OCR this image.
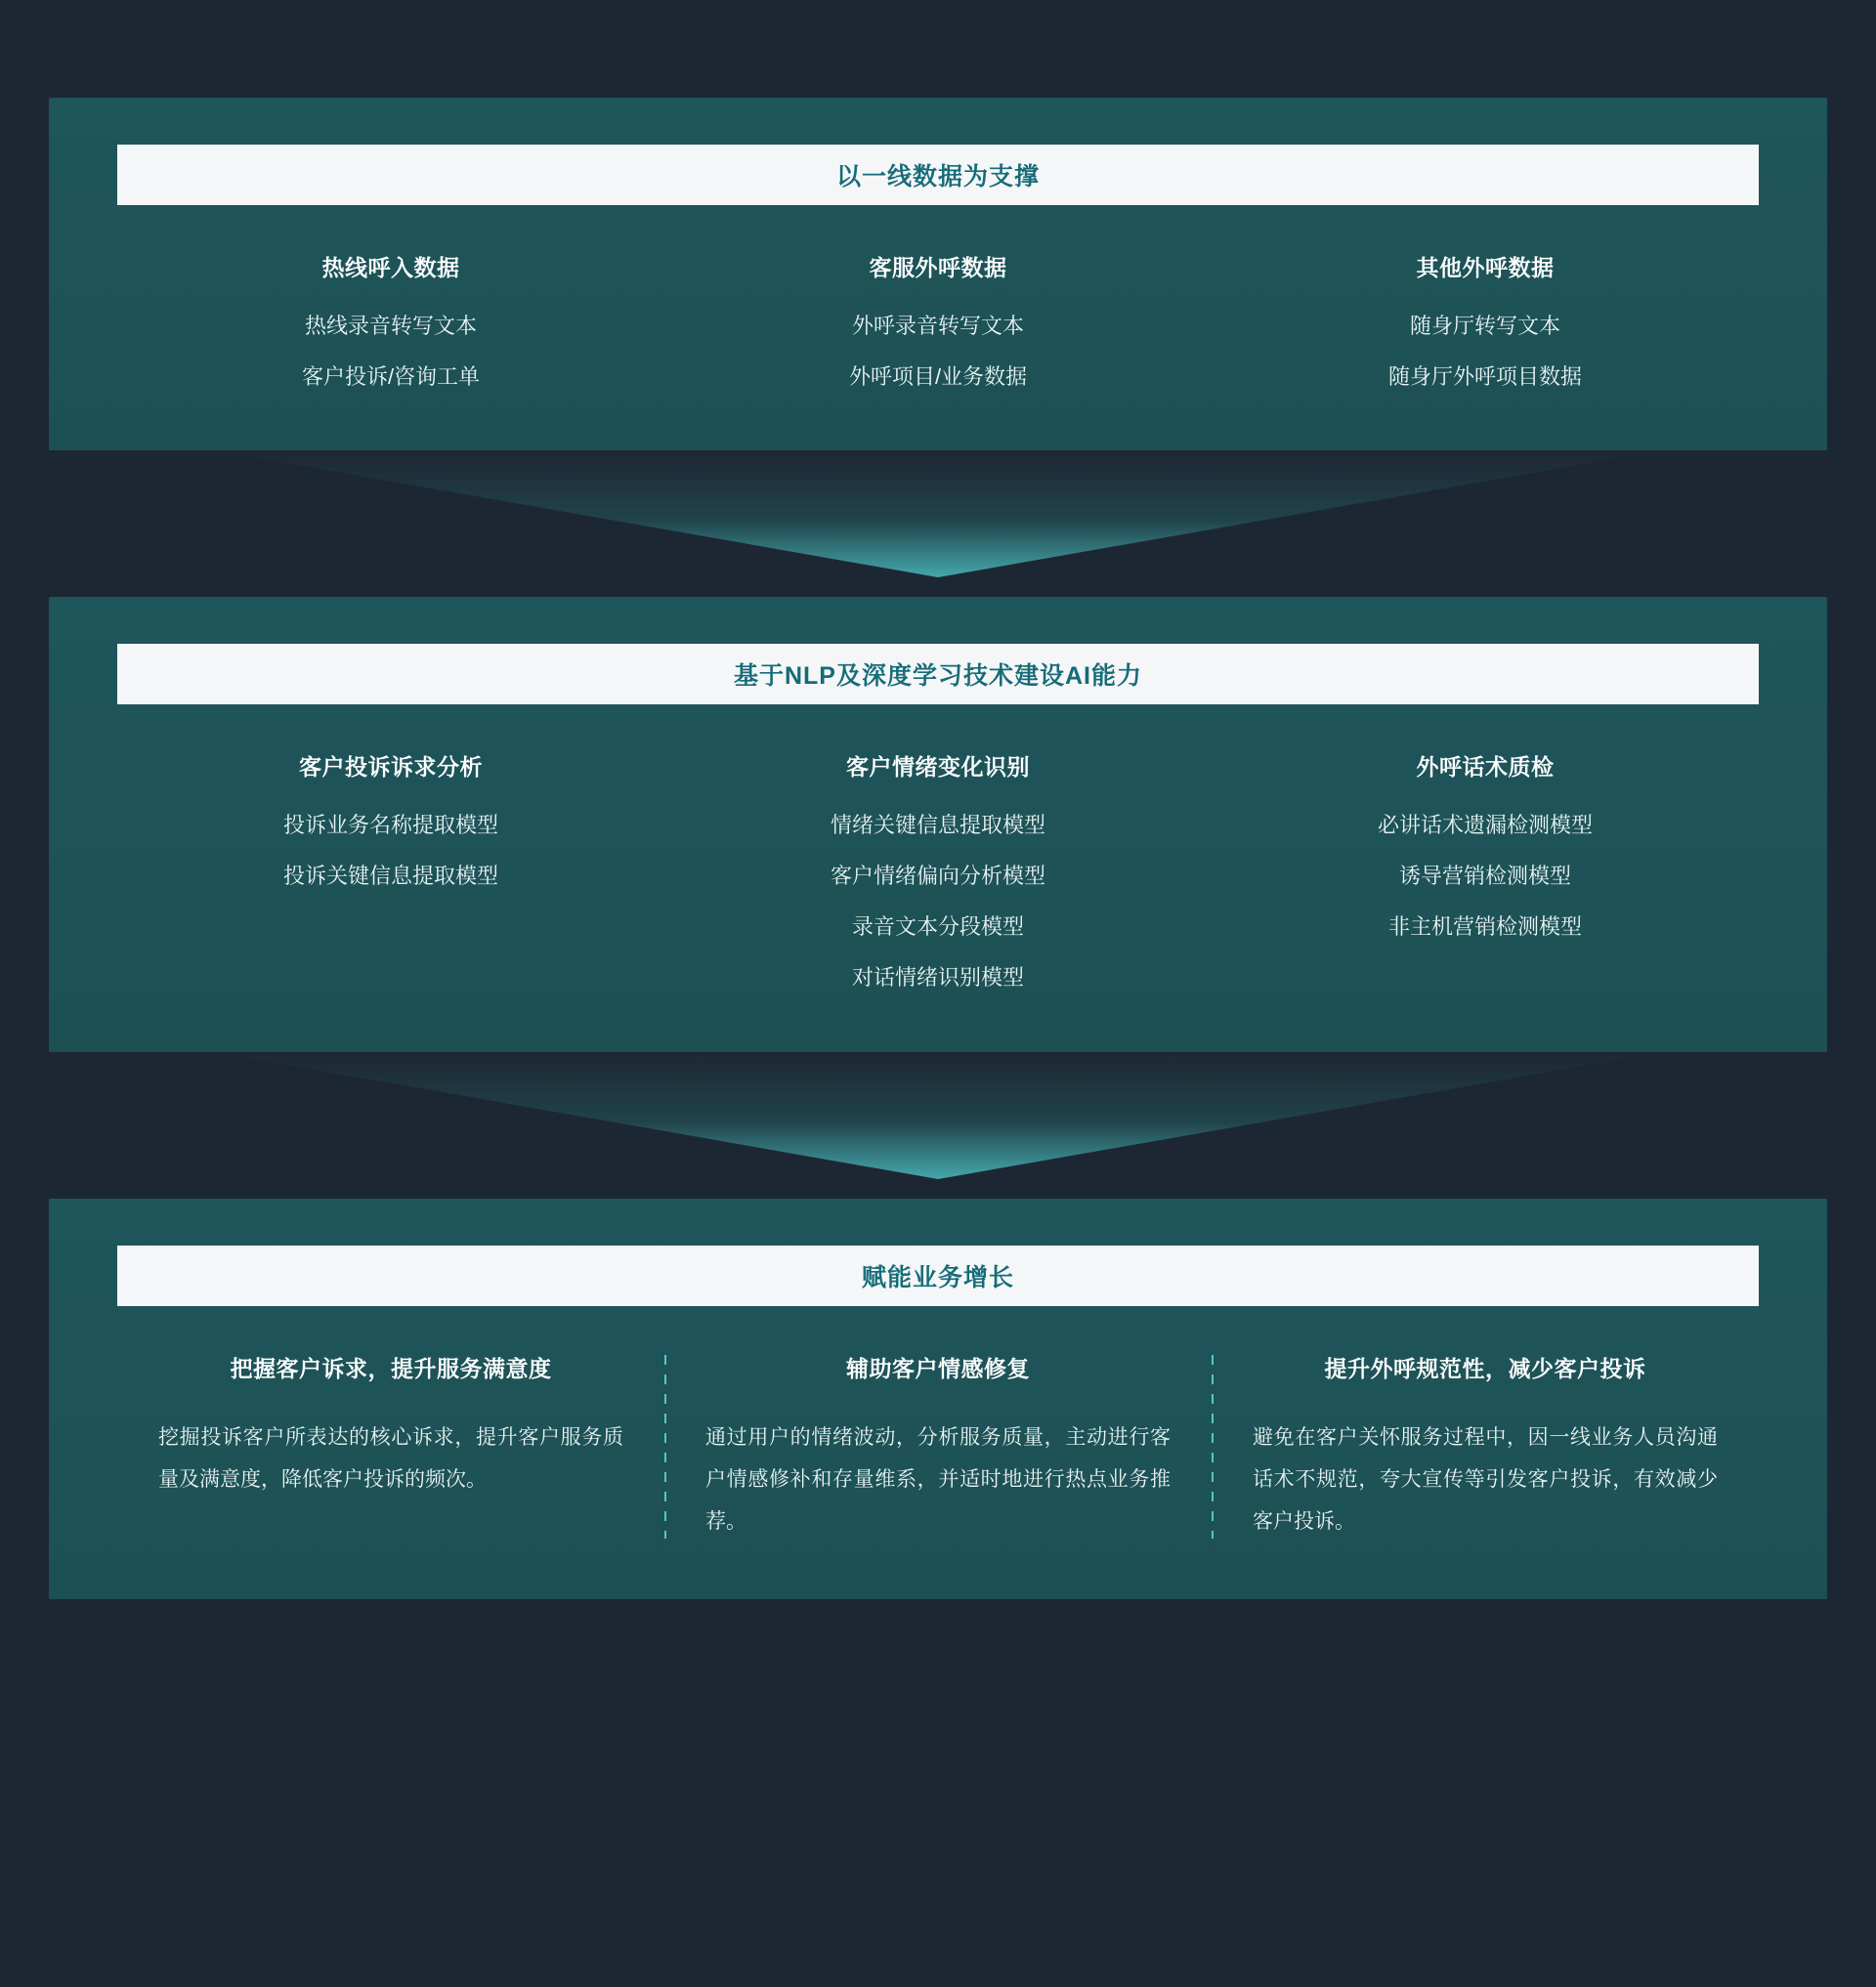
以一线数据为支撑
热线呼入数据
热线录音转写文本
客户投诉/咨询工单
客服外呼数据
外呼录音转写文本
外呼项目/业务数据
其他外呼数据
随身厅转写文本
随身厅外呼项目数据
基于NLP及深度学习技术建设AI能力
客户投诉诉求分析
投诉业务名称提取模型
投诉关键信息提取模型
客户情绪变化识别
情绪关键信息提取模型
客户情绪偏向分析模型
录音文本分段模型
对话情绪识别模型
外呼话术质检
必讲话术遗漏检测模型
诱导营销检测模型
非主机营销检测模型
赋能业务增长
把握客户诉求，提升服务满意度
挖掘投诉客户所表达的核心诉求，提升客户服务质量及满意度，降低客户投诉的频次。
辅助客户情感修复
通过用户的情绪波动，分析服务质量，主动进行客户情感修补和存量维系，并适时地进行热点业务推荐。
提升外呼规范性，减少客户投诉
避免在客户关怀服务过程中，因一线业务人员沟通话术不规范，夸大宣传等引发客户投诉，有效减少客户投诉。
